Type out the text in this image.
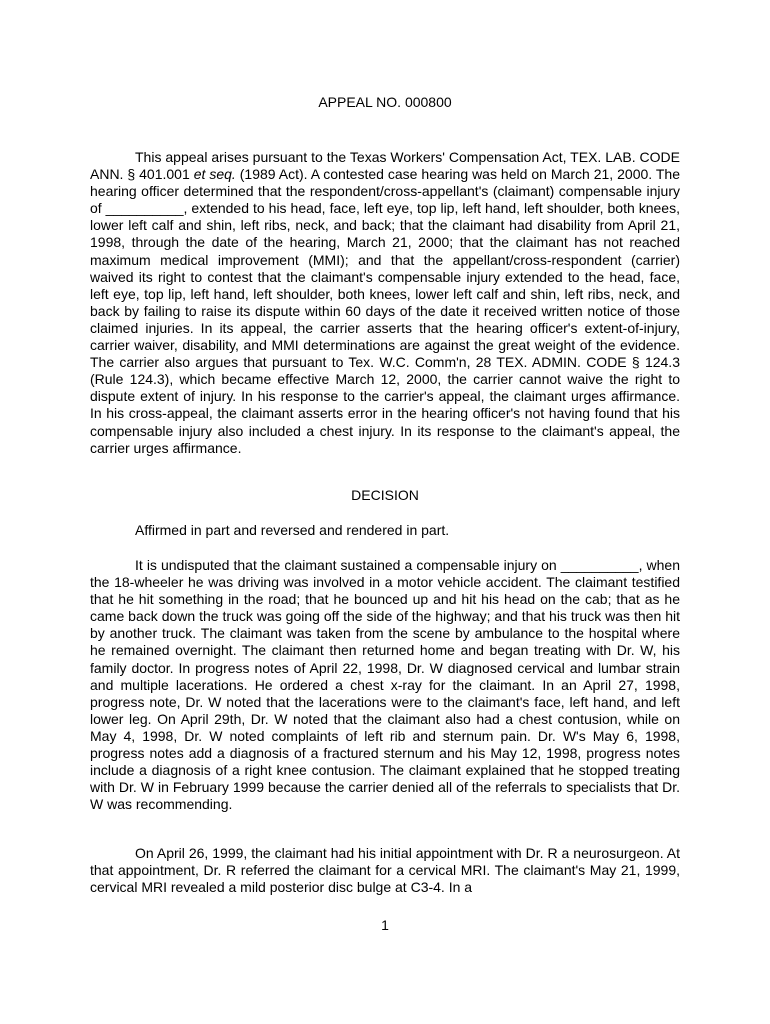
APPEAL NO. 000800

This appeal arises pursuant to the Texas Workers' Compensation Act, TEX. LAB. CODE ANN. § 401.001 et seq. (1989 Act). A contested case hearing was held on March 21, 2000. The hearing officer determined that the respondent/cross-appellant's (claimant) compensable injury of __________, extended to his head, face, left eye, top lip, left hand, left shoulder, both knees, lower left calf and shin, left ribs, neck, and back; that the claimant had disability from April 21, 1998, through the date of the hearing, March 21, 2000; that the claimant has not reached maximum medical improvement (MMI); and that the appellant/cross-respondent (carrier) waived its right to contest that the claimant's compensable injury extended to the head, face, left eye, top lip, left hand, left shoulder, both knees, lower left calf and shin, left ribs, neck, and back by failing to raise its dispute within 60 days of the date it received written notice of those claimed injuries. In its appeal, the carrier asserts that the hearing officer's extent-of-injury, carrier waiver, disability, and MMI determinations are against the great weight of the evidence. The carrier also argues that pursuant to Tex. W.C. Comm'n, 28 TEX. ADMIN. CODE § 124.3 (Rule 124.3), which became effective March 12, 2000, the carrier cannot waive the right to dispute extent of injury. In his response to the carrier's appeal, the claimant urges affirmance. In his cross-appeal, the claimant asserts error in the hearing officer's not having found that his compensable injury also included a chest injury. In its response to the claimant's appeal, the carrier urges affirmance.

DECISION

Affirmed in part and reversed and rendered in part.

It is undisputed that the claimant sustained a compensable injury on __________, when the 18-wheeler he was driving was involved in a motor vehicle accident. The claimant testified that he hit something in the road; that he bounced up and hit his head on the cab; that as he came back down the truck was going off the side of the highway; and that his truck was then hit by another truck. The claimant was taken from the scene by ambulance to the hospital where he remained overnight. The claimant then returned home and began treating with Dr. W, his family doctor. In progress notes of April 22, 1998, Dr. W diagnosed cervical and lumbar strain and multiple lacerations. He ordered a chest x-ray for the claimant. In an April 27, 1998, progress note, Dr. W noted that the lacerations were to the claimant's face, left hand, and left lower leg. On April 29th, Dr. W noted that the claimant also had a chest contusion, while on May 4, 1998, Dr. W noted complaints of left rib and sternum pain. Dr. W's May 6, 1998, progress notes add a diagnosis of a fractured sternum and his May 12, 1998, progress notes include a diagnosis of a right knee contusion. The claimant explained that he stopped treating with Dr. W in February 1999 because the carrier denied all of the referrals to specialists that Dr. W was recommending.

On April 26, 1999, the claimant had his initial appointment with Dr. R a neurosurgeon. At that appointment, Dr. R referred the claimant for a cervical MRI. The claimant's May 21, 1999, cervical MRI revealed a mild posterior disc bulge at C3-4. In a

1
